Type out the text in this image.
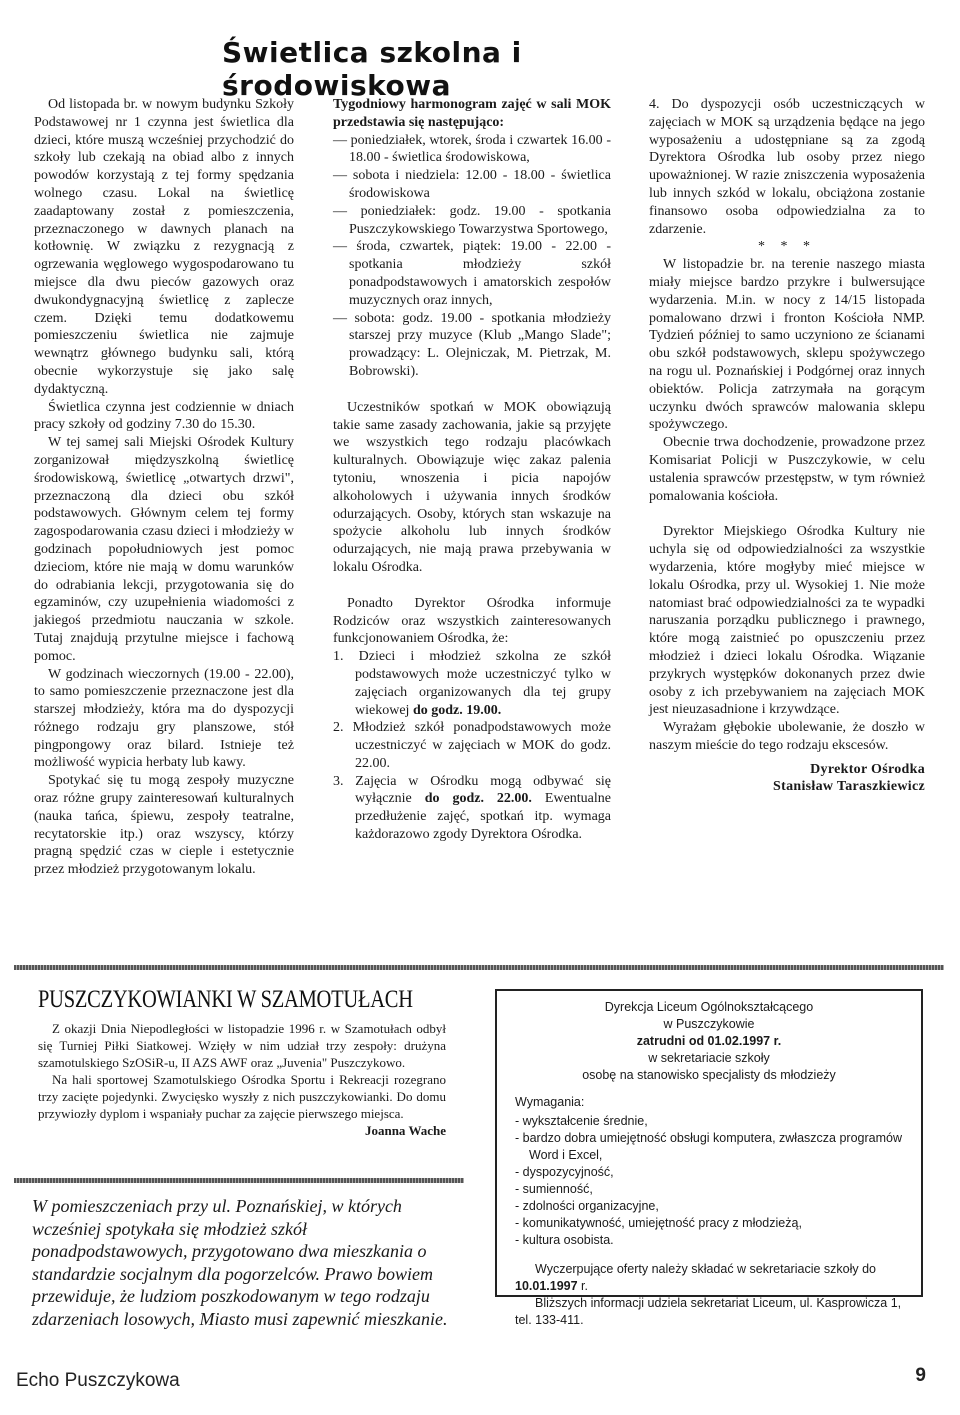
Świetlica szkolna i środowiskowa

Od listopada br. w nowym budynku Szkoły Podstawowej nr 1 czynna jest świetlica dla dzieci, które muszą wcześniej przychodzić do szkoły lub czekają na obiad albo z innych powodów korzystają z tej formy spędzania wolnego czasu. Lokal na świetlicę zaadaptowany został z pomieszczenia, przeznaczonego w dawnych planach na kotłownię. W związku z rezygnacją z ogrzewania węglowego wygospodarowano tu miejsce dla dwu pieców gazowych oraz dwukondygnacyjną świetlicę z zaplecze czem. Dzięki temu dodatkowemu pomieszczeniu świetlica nie zajmuje wewnątrz głównego budynku sali, którą obecnie wykorzystuje się jako salę dydaktyczną.

Świetlica czynna jest codziennie w dniach pracy szkoły od godziny 7.30 do 15.30.

W tej samej sali Miejski Ośrodek Kultury zorganizował międzyszkolną świetlicę środowiskową, świetlicę „otwartych drzwi", przeznaczoną dla dzieci obu szkół podstawowych. Głównym celem tej formy zagospodarowania czasu dzieci i młodzieży w godzinach popołudniowych jest pomoc dzieciom, które nie mają w domu warunków do odrabiania lekcji, przygotowania się do egzaminów, czy uzupełnienia wiadomości z jakiegoś przedmiotu nauczania w szkole. Tutaj znajdują przytulne miejsce i fachową pomoc.

W godzinach wieczornych (19.00 - 22.00), to samo pomieszczenie przeznaczone jest dla starszej młodzieży, która ma do dyspozycji różnego rodzaju gry planszowe, stół pingpongowy oraz bilard. Istnieje też możliwość wypicia herbaty lub kawy.

Spotykać się tu mogą zespoły muzyczne oraz różne grupy zainteresowań kulturalnych (nauka tańca, śpiewu, zespoły teatralne, recytatorskie itp.) oraz wszyscy, którzy pragną spędzić czas w cieple i estetycznie przez młodzież przygotowanym lokalu.

Tygodniowy harmonogram zajęć w sali MOK przedstawia się następująco:

— poniedziałek, wtorek, środa i czwartek 16.00 - 18.00 - świetlica środowiskowa,
— sobota i niedziela: 12.00 - 18.00 - świetlica środowiskowa
— poniedziałek: godz. 19.00 - spotkania Puszczykowskiego Towarzystwa Sportowego,
— środa, czwartek, piątek: 19.00 - 22.00 - spotkania młodzieży szkół ponadpodstawowych i amatorskich zespołów muzycznych oraz innych,
— sobota: godz. 19.00 - spotkania młodzieży starszej przy muzyce (Klub „Mango Slade"; prowadzący: L. Olejniczak, M. Pietrzak, M. Bobrowski).

Uczestników spotkań w MOK obowiązują takie same zasady zachowania, jakie są przyjęte we wszystkich tego rodzaju placówkach kulturalnych. Obowiązuje więc zakaz palenia tytoniu, wnoszenia i picia napojów alkoholowych i używania innych środków odurzających. Osoby, których stan wskazuje na spożycie alkoholu lub innych środków odurzających, nie mają prawa przebywania w lokalu Ośrodka.

Ponadto Dyrektor Ośrodka informuje Rodziców oraz wszystkich zainteresowanych funkcjonowaniem Ośrodka, że:

1. Dzieci i młodzież szkolna ze szkół podstawowych może uczestniczyć tylko w zajęciach organizowanych dla tej grupy wiekowej do godz. 19.00.
2. Młodzież szkół ponadpodstawowych może uczestniczyć w zajęciach w MOK do godz. 22.00.
3. Zajęcia w Ośrodku mogą odbywać się wyłącznie do godz. 22.00. Ewentualne przedłużenie zajęć, spotkań itp. wymaga każdorazowo zgody Dyrektora Ośrodka.

4. Do dyspozycji osób uczestniczących w zajęciach w MOK są urządzenia będące na jego wyposażeniu a udostępniane są za zgodą Dyrektora Ośrodka lub osoby przez niego upoważnionej. W razie zniszczenia wyposażenia lub innych szkód w lokalu, obciążona zostanie finansowo osoba odpowiedzialna za to zdarzenie.

* * *

W listopadzie br. na terenie naszego miasta miały miejsce bardzo przykre i bulwersujące wydarzenia. M.in. w nocy z 14/15 listopada pomalowano drzwi i fronton Kościoła NMP. Tydzień później to samo uczyniono ze ścianami obu szkół podstawowych, sklepu spożywczego na rogu ul. Poznańskiej i Podgórnej oraz innych obiektów. Policja zatrzymała na gorącym uczynku dwóch sprawców malowania sklepu spożywczego.

Obecnie trwa dochodzenie, prowadzone przez Komisariat Policji w Puszczykowie, w celu ustalenia sprawców przestępstw, w tym również pomalowania kościoła.

Dyrektor Miejskiego Ośrodka Kultury nie uchyla się od odpowiedzialności za wszystkie wydarzenia, które mogłyby mieć miejsce w lokalu Ośrodka, przy ul. Wysokiej 1. Nie może natomiast brać odpowiedzialności za te wypadki naruszania porządku publicznego i prawnego, które mogą zaistnieć po opuszczeniu przez młodzież i dzieci lokalu Ośrodka. Wiązanie przykrych występków dokonanych przez dwie osoby z ich przebywaniem na zajęciach MOK jest nieuzasadnione i krzywdzące.

Wyrażam głębokie ubolewanie, że doszło w naszym mieście do tego rodzaju ekscesów.

Dyrektor Ośrodka

Stanisław Taraszkiewicz

PUSZCZYKOWIANKI W SZAMOTUŁACH

Z okazji Dnia Niepodległości w listopadzie 1996 r. w Szamotułach odbył się Turniej Piłki Siatkowej. Wzięły w nim udział trzy zespoły: drużyna szamotulskiego SzOSiR-u, II AZS AWF oraz „Juvenia" Puszczykowo.

Na hali sportowej Szamotulskiego Ośrodka Sportu i Rekreacji rozegrano trzy zacięte pojedynki. Zwycięsko wyszły z nich puszczykowianki. Do domu przywiozły dyplom i wspaniały puchar za zajęcie pierwszego miejsca.

Joanna Wache

W pomieszczeniach przy ul. Poznańskiej, w których wcześniej spotykała się młodzież szkół ponadpodstawowych, przygotowano dwa mieszkania o standardzie socjalnym dla pogorzelców. Prawo bowiem przewiduje, że ludziom poszkodowanym w tego rodzaju zdarzeniach losowych, Miasto musi zapewnić mieszkanie.
Dyrekcja Liceum Ogólnokształcącego
w Puszczykowie
zatrudni od 01.02.1997 r.
w sekretariacie szkoły
osobę na stanowisko specjalisty ds młodzieży
Wymagania:
- wykształcenie średnie,
- bardzo dobra umiejętność obsługi komputera, zwłaszcza programów Word i Excel,
- dyspozycyjność,
- sumienność,
- zdolności organizacyjne,
- komunikatywność, umiejętność pracy z młodzieżą,
- kultura osobista.
Wyczerpujące oferty należy składać w sekretariacie szkoły do 10.01.1997 r.
Bliższych informacji udziela sekretariat Liceum, ul. Kasprowicza 1, tel. 133-411.
Echo Puszczykowa	9
